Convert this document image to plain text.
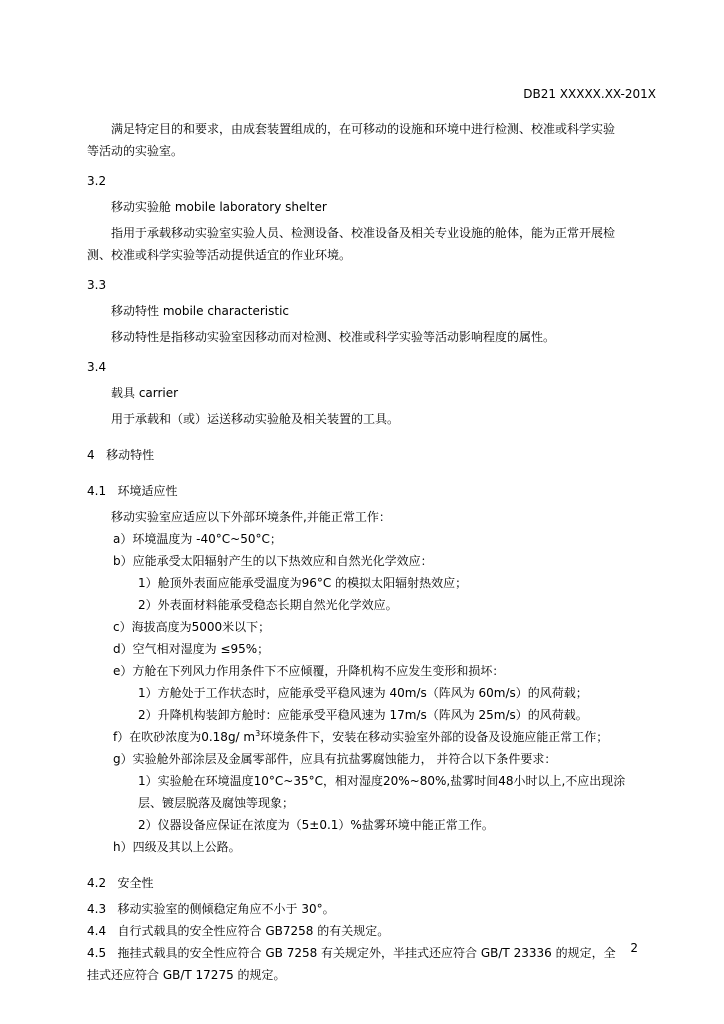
DB21 XXXXX.XX-201X

满足特定目的和要求，由成套装置组成的，在可移动的设施和环境中进行检测、校准或科学实验

等活动的实验室。

3.2

移动实验舱 mobile laboratory shelter

指用于承载移动实验室实验人员、检测设备、校准设备及相关专业设施的舱体，能为正常开展检

测、校准或科学实验等活动提供适宜的作业环境。

3.3

移动特性 mobile characteristic

移动特性是指移动实验室因移动而对检测、校准或科学实验等活动影响程度的属性。

3.4

载具 carrier

用于承载和（或）运送移动实验舱及相关装置的工具。

4   移动特性

4.1   环境适应性

移动实验室应适应以下外部环境条件,并能正常工作：

a）环境温度为 -40°C~50°C；

b）应能承受太阳辐射产生的以下热效应和自然光化学效应：

1）舱顶外表面应能承受温度为96°C 的模拟太阳辐射热效应；

2）外表面材料能承受稳态长期自然光化学效应。

c）海拔高度为5000米以下；

d）空气相对湿度为 ≤95%；

e）方舱在下列风力作用条件下不应倾覆，升降机构不应发生变形和损坏：

1）方舱处于工作状态时，应能承受平稳风速为 40m/s（阵风为 60m/s）的风荷载；

2）升降机构装卸方舱时：应能承受平稳风速为 17m/s（阵风为 25m/s）的风荷载。

f）在吹砂浓度为0.18g/ $m^3$环境条件下，安装在移动实验室外部的设备及设施应能正常工作；

g）实验舱外部涂层及金属零部件，应具有抗盐雾腐蚀能力， 并符合以下条件要求：

1）实验舱在环境温度10°C~35°C，相对湿度20%~80%,盐雾时间48小时以上,不应出现涂

层、镀层脱落及腐蚀等现象；

2）仪器设备应保证在浓度为（5±0.1）%盐雾环境中能正常工作。

h）四级及其以上公路。

4.2   安全性

4.3   移动实验室的侧倾稳定角应不小于 30°。

4.4   自行式载具的安全性应符合 GB7258 的有关规定。

4.5   拖挂式载具的安全性应符合 GB 7258 有关规定外，半挂式还应符合 GB/T 23336 的规定，全

挂式还应符合 GB/T 17275 的规定。

2
